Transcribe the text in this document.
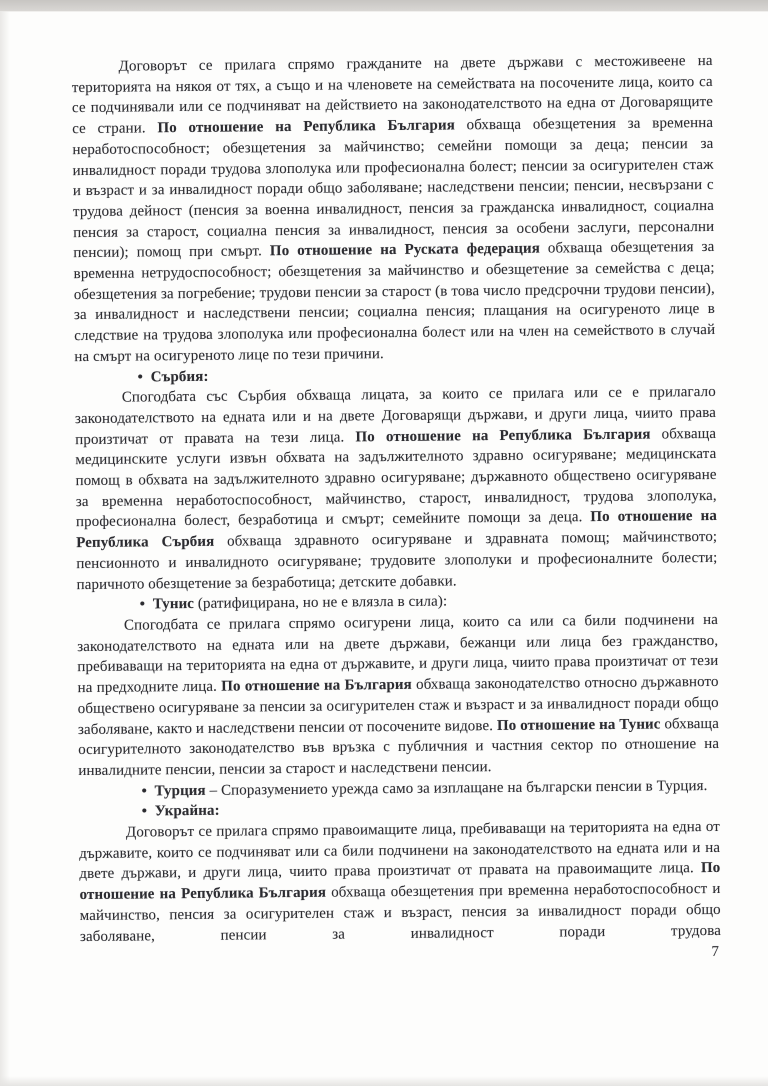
Договорът се прилага спрямо гражданите на двете държави с местоживеене на територията на някоя от тях, а също и на членовете на семействата на посочените лица, които са се подчинявали или се подчиняват на действието на законодателството на една от Договарящите се страни. По отношение на Република България обхваща обезщетения за временна неработоспособност; обезщетения за майчинство; семейни помощи за деца; пенсии за инвалидност поради трудова злополука или професионална болест; пенсии за осигурителен стаж и възраст и за инвалидност поради общо заболяване; наследствени пенсии; пенсии, несвързани с трудова дейност (пенсия за военна инвалидност, пенсия за гражданска инвалидност, социална пенсия за старост, социална пенсия за инвалидност, пенсия за особени заслуги, персонални пенсии); помощ при смърт. По отношение на Руската федерация обхваща обезщетения за временна нетрудоспособност; обезщетения за майчинство и обезщетение за семейства с деца; обезщетения за погребение; трудови пенсии за старост (в това число предсрочни трудови пенсии), за инвалидност и наследствени пенсии; социална пенсия; плащания на осигуреното лице в следствие на трудова злополука или професионална болест или на член на семейството в случай на смърт на осигуреното лице по тези причини.

•  Сърбия:

Спогодбата със Сърбия обхваща лицата, за които се прилага или се е прилагало законодателството на едната или и на двете Договарящи държави, и други лица, чиито права произтичат от правата на тези лица. По отношение на Република България обхваща медицинските услуги извън обхвата на задължителното здравно осигуряване; медицинската помощ в обхвата на задължителното здравно осигуряване; държавното обществено осигуряване за временна неработоспособност, майчинство, старост, инвалидност, трудова злополука, професионална болест, безработица и смърт; семейните помощи за деца. По отношение на Република Сърбия обхваща здравното осигуряване и здравната помощ; майчинството; пенсионното и инвалидното осигуряване; трудовите злополуки и професионалните болести; паричното обезщетение за безработица; детските добавки.

•  Тунис (ратифицирана, но не е влязла в сила):

Спогодбата се прилага спрямо осигурени лица, които са или са били подчинени на законодателството на едната или на двете държави, бежанци или лица без гражданство, пребиваващи на територията на една от държавите, и други лица, чиито права произтичат от тези на предходните лица. По отношение на България обхваща законодателство относно държавното обществено осигуряване за пенсии за осигурителен стаж и възраст и за инвалидност поради общо заболяване, както и наследствени пенсии от посочените видове. По отношение на Тунис обхваща осигурителното законодателство във връзка с публичния и частния сектор по отношение на инвалидните пенсии, пенсии за старост и наследствени пенсии.

•  Турция – Споразумението урежда само за изплащане на български пенсии в Турция.

•  Украйна:

Договорът се прилага спрямо правоимащите лица, пребиваващи на територията на една от държавите, които се подчиняват или са били подчинени на законодателството на едната или и на двете държави, и други лица, чиито права произтичат от правата на правоимащите лица. По отношение на Република България обхваща обезщетения при временна неработоспособност и майчинство, пенсия за осигурителен стаж и възраст, пенсия за инвалидност поради общо заболяване, пенсии за инвалидност поради трудова

7
